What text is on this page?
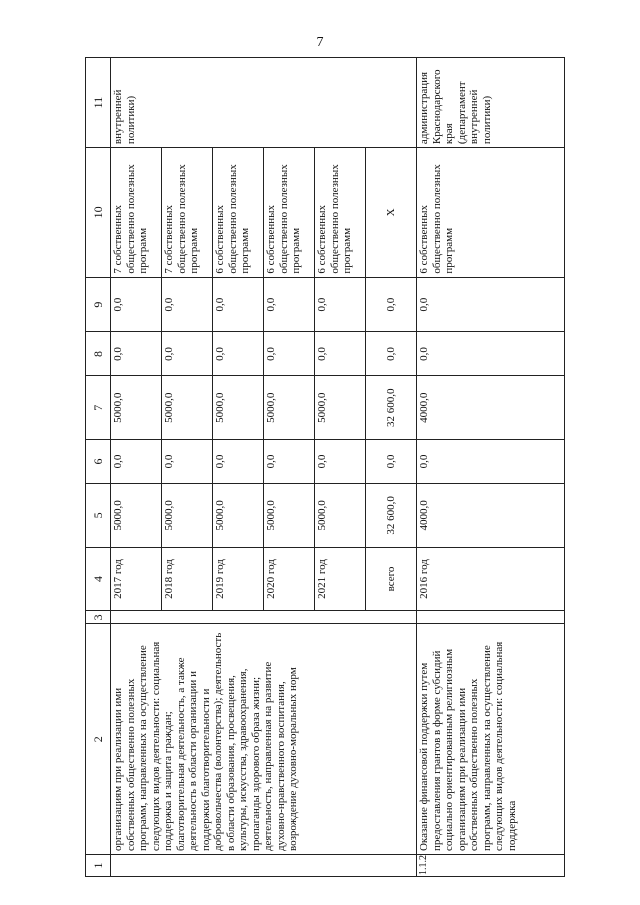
7
1	2	3	4	5	6	7	8	9	10	11
	организациям при реализации ими собственных общественно полезных программ, направленных на осуществление следующих видов деятельности: социальная поддержка и защита граждан; благотворительная деятельность, а также деятельность в области организации и поддержки благотворительности и добровольчества (волонтерства); деятельность в области образования, просвещения, культуры, искусства, здравоохранения, пропаганды здорового образа жизни; деятельность, направленная на развитие духовно-нравственного воспитания, возрождение духовно-моральных норм		2017 год	5000,0	0,0	5000,0	0,0	0,0	7 собственных общественно полезных программ	внутренней политики)
			2018 год	5000,0	0,0	5000,0	0,0	0,0	7 собственных общественно полезных программ	
			2019 год	5000,0	0,0	5000,0	0,0	0,0	6 собственных общественно полезных программ	
			2020 год	5000,0	0,0	5000,0	0,0	0,0	6 собственных общественно полезных программ	
			2021 год	5000,0	0,0	5000,0	0,0	0,0	6 собственных общественно полезных программ	
			всего	32 600,0	0,0	32 600,0	0,0	0,0	Х	
1.1.2	Оказание финансовой поддержки путем предоставления грантов в форме субсидий социально ориентированным религиозным организациям при реализации ими собственных общественно полезных программ, направленных на осуществление следующих видов деятельности: социальная поддержка		2016 год	4000,0	0,0	4000,0	0,0	0,0	6 собственных общественно полезных программ	администрация Краснодарского края (департамент внутренней политики)
